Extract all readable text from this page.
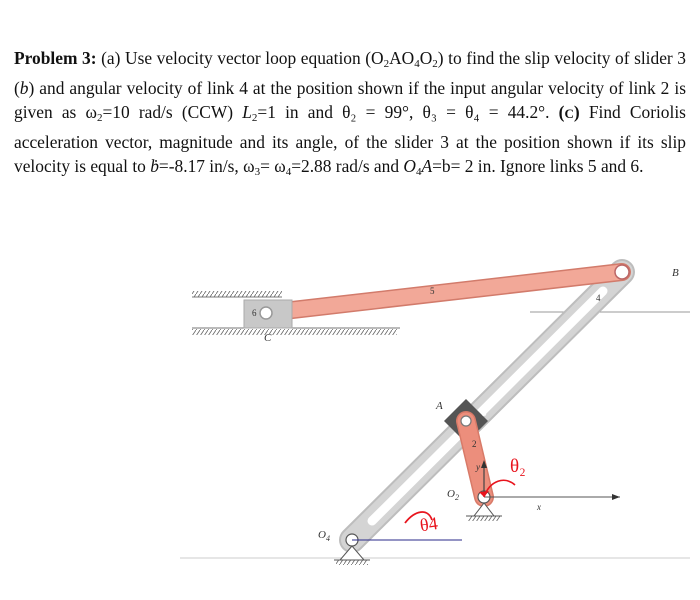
Problem 3: (a) Use velocity vector loop equation $(O_2AO_4O_2)$ to find the slip velocity of slider 3 (b) and angular velocity of link 4 at the position shown if the input angular velocity of link 2 is given as $\omega_2=10$ rad/s (CCW) $L_2=1$ in and θ₂ = 99°, θ₃ = θ₄ = 44.2°. (C) Find Coriolis acceleration vector, magnitude and its angle, of the slider 3 at the position shown if its slip velocity is equal to ḃ=-8.17 in/s, $\omega_3= \omega_4=2.88$ rad/s and $O_4A=b= 2$ in. Ignore links 5 and 6.
B
C
A
$O_2$
$O_4$
2
3
4
5
6
x
y θ₂
θ4
